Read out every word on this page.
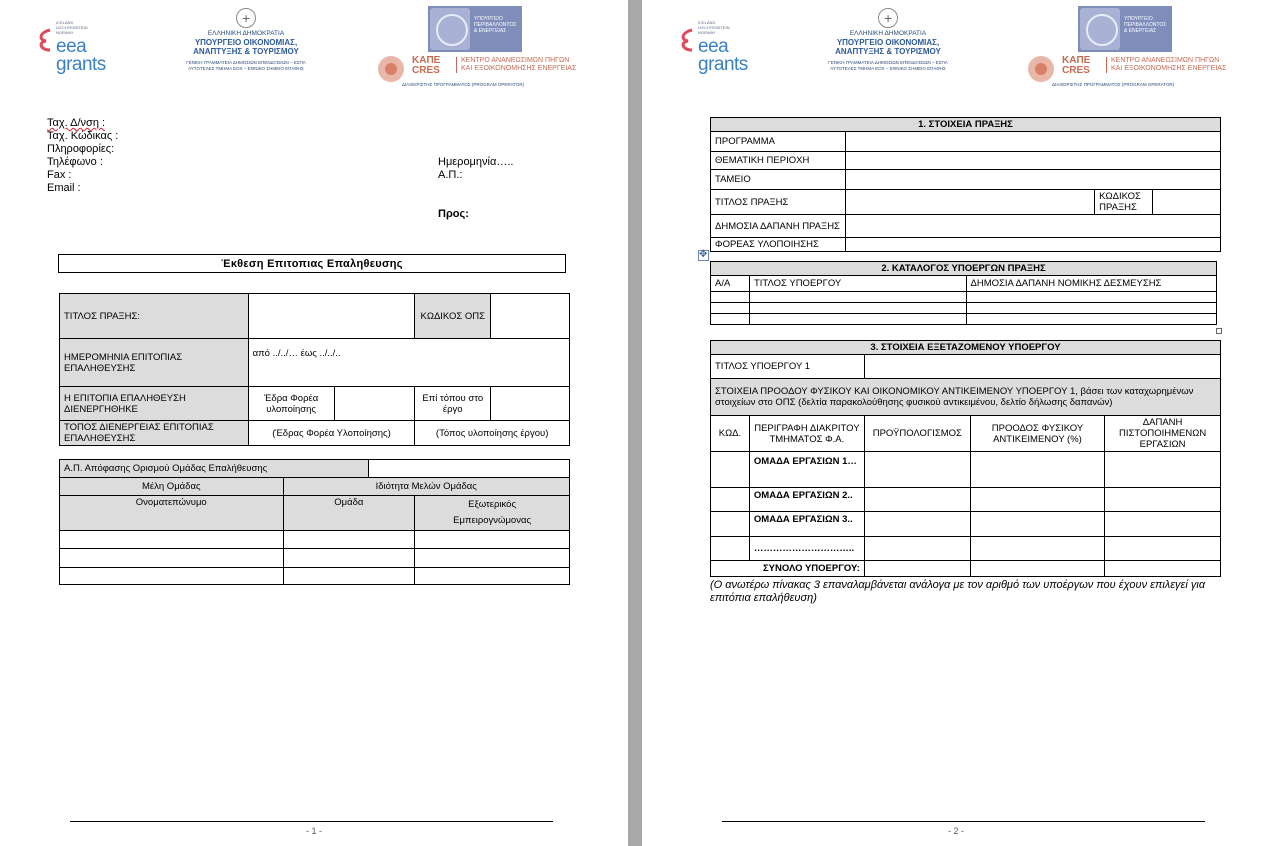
ICELAND
LIECHTENSTEIN
NORWAY
eea
grants
+
ΕΛΛΗΝΙΚΗ ΔΗΜΟΚΡΑΤΙΑ
ΥΠΟΥΡΓΕΙΟ ΟΙΚΟΝΟΜΙΑΣ,
ΑΝΑΠΤΥΞΗΣ & ΤΟΥΡΙΣΜΟΥ
ΓΕΝΙΚΗ ΓΡΑΜΜΑΤΕΙΑ ΔΗΜΟΣΙΩΝ ΕΠΕΝΔΥΣΕΩΝ – ΕΣΠΑ
ΑΥΤΟΤΕΛΕΣ ΤΜΗΜΑ ΕΟΧ – ΕΘΝΙΚΟ ΣΗΜΕΙΟ ΕΠΑΦΗΣ
ΥΠΟΥΡΓΕΙΟ
ΠΕΡΙΒΑΛΛΟΝΤΟΣ
& ΕΝΕΡΓΕΙΑΣ
ΚΑΠΕ
CRES
ΚΕΝΤΡΟ ΑΝΑΝΕΩΣΙΜΩΝ ΠΗΓΩΝ
ΚΑΙ ΕΞΟΙΚΟΝΟΜΗΣΗΣ ΕΝΕΡΓΕΙΑΣ
ΔΙΑΧΕΙΡΙΣΤΗΣ ΠΡΟΓΡΑΜΜΑΤΟΣ (PROGRAM OPERATOR)
Ταχ. Δ/νση :
Ταχ. Κώδικας :
Πληροφορίες:
Τηλέφωνο :
Fax :
Email :
Ημερομηνία…..
Α.Π.:
Προς:
Έκθεση Επιτοπιας Επαληθευσης
ΤΙΤΛΟΣ ΠΡΑΞΗΣ:			ΚΩΔΙΚΟΣ ΟΠΣ	
ΗΜΕΡΟΜΗΝΙΑ ΕΠΙΤΟΠΙΑΣ ΕΠΑΛΗΘΕΥΣΗΣ	από ../../… έως ../../..			
Η ΕΠΙΤΟΠΙΑ ΕΠΑΛΗΘΕΥΣΗ ΔΙΕΝΕΡΓΗΘΗΚΕ	Έδρα Φορέα υλοποίησης		Επί τόπου στο έργο	
ΤΟΠΟΣ ΔΙΕΝΕΡΓΕΙΑΣ ΕΠΙΤΟΠΙΑΣ ΕΠΑΛΗΘΕΥΣΗΣ	(Έδρας Φορέα Υλοποίησης)		(Τόπος υλοποίησης έργου)	
Α.Π. Απόφασης Ορισμού Ομάδας Επαλήθευσης			
Μέλη Ομάδας	Ιδιότητα Μελών Ομάδας		
Ονοματεπώνυμο	Ομάδα		Εξωτερικός
Εμπειρογνώμονας

- 1 -
ICELAND
LIECHTENSTEIN
NORWAY
eea
grants
+
ΕΛΛΗΝΙΚΗ ΔΗΜΟΚΡΑΤΙΑ
ΥΠΟΥΡΓΕΙΟ ΟΙΚΟΝΟΜΙΑΣ,
ΑΝΑΠΤΥΞΗΣ & ΤΟΥΡΙΣΜΟΥ
ΓΕΝΙΚΗ ΓΡΑΜΜΑΤΕΙΑ ΔΗΜΟΣΙΩΝ ΕΠΕΝΔΥΣΕΩΝ – ΕΣΠΑ
ΑΥΤΟΤΕΛΕΣ ΤΜΗΜΑ ΕΟΧ – ΕΘΝΙΚΟ ΣΗΜΕΙΟ ΕΠΑΦΗΣ
ΥΠΟΥΡΓΕΙΟ
ΠΕΡΙΒΑΛΛΟΝΤΟΣ
& ΕΝΕΡΓΕΙΑΣ
ΚΑΠΕ
CRES
ΚΕΝΤΡΟ ΑΝΑΝΕΩΣΙΜΩΝ ΠΗΓΩΝ
ΚΑΙ ΕΞΟΙΚΟΝΟΜΗΣΗΣ ΕΝΕΡΓΕΙΑΣ
ΔΙΑΧΕΙΡΙΣΤΗΣ ΠΡΟΓΡΑΜΜΑΤΟΣ (PROGRAM OPERATOR)
1. ΣΤΟΙΧΕΙΑ ΠΡΑΞΗΣ			
ΠΡΟΓΡΑΜΜΑ			
ΘΕΜΑΤΙΚΗ ΠΕΡΙΟΧΗ			
ΤΑΜΕΙΟ			
ΤΙΤΛΟΣ ΠΡΑΞΗΣ		ΚΩΔΙΚΟΣ ΠΡΑΞΗΣ	
ΔΗΜΟΣΙΑ ΔΑΠΑΝΗ ΠΡΑΞΗΣ			
ΦΟΡΕΑΣ ΥΛΟΠΟΙΗΣΗΣ			
2. ΚΑΤΑΛΟΓΟΣ ΥΠΟΕΡΓΩΝ ΠΡΑΞΗΣ		
Α/Α	ΤΙΤΛΟΣ ΥΠΟΕΡΓΟΥ	ΔΗΜΟΣΙΑ ΔΑΠΑΝΗ ΝΟΜΙΚΗΣ ΔΕΣΜΕΥΣΗΣ

3. ΣΤΟΙΧΕΙΑ ΕΞΕΤΑΖΟΜΕΝΟΥ ΥΠΟΕΡΓΟΥ				
ΤΙΤΛΟΣ ΥΠΟΕΡΓΟΥ 1				
ΣΤΟΙΧΕΙΑ ΠΡΟΟΔΟΥ ΦΥΣΙΚΟΥ ΚΑΙ ΟΙΚΟΝΟΜΙΚΟΥ ΑΝΤΙΚΕΙΜΕΝΟΥ ΥΠΟΕΡΓΟΥ 1, βάσει των καταχωρημένων στοιχείων στο ΟΠΣ (δελτία παρακολούθησης φυσικού αντικειμένου, δελτίο δήλωσης δαπανών)				
ΚΩΔ.	ΠΕΡΙΓΡΑΦΗ ΔΙΑΚΡΙΤΟΥ ΤΜΗΜΑΤΟΣ Φ.Α.	ΠΡΟΫΠΟΛΟΓΙΣΜΟΣ	ΠΡΟΟΔΟΣ ΦΥΣΙΚΟΥ ΑΝΤΙΚΕΙΜΕΝΟΥ (%)	ΔΑΠΑΝΗ ΠΙΣΤΟΠΟΙΗΜΕΝΩΝ ΕΡΓΑΣΙΩΝ
	ΟΜΑΔΑ ΕΡΓΑΣΙΩΝ 1…			
	ΟΜΑΔΑ ΕΡΓΑΣΙΩΝ 2..			
	ΟΜΑΔΑ ΕΡΓΑΣΙΩΝ 3..			
	…………………………..			
ΣΥΝΟΛΟ ΥΠΟΕΡΓΟΥ:				
(Ο ανωτέρω πίνακας 3 επαναλαμβάνεται ανάλογα με τον αριθμό των υποέργων που έχουν επιλεγεί για επιτόπια επαλήθευση)
- 2 -
✥
